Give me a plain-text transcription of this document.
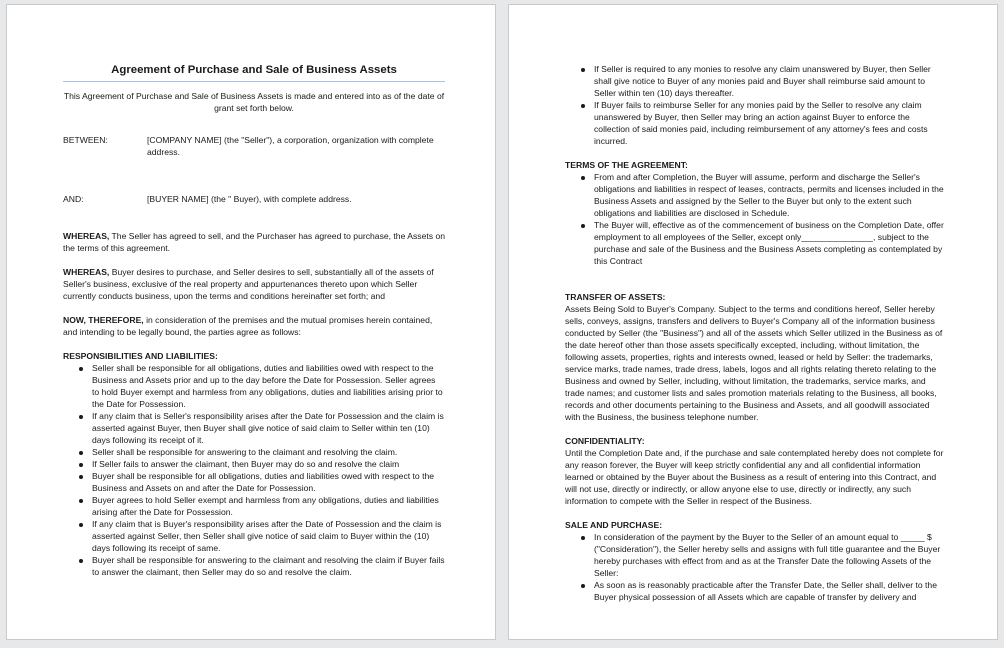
Agreement of Purchase and Sale of Business Assets

This Agreement of Purchase and Sale of Business Assets is made and entered into as of the date of grant set forth below.

BETWEEN:	[COMPANY NAME] (the "Seller"), a corporation, organization with complete address.
AND:	[BUYER NAME] (the " Buyer), with complete address.

WHEREAS, The Seller has agreed to sell, and the Purchaser has agreed to purchase, the Assets on the terms of this agreement.

WHEREAS, Buyer desires to purchase, and Seller desires to sell, substantially all of the assets of Seller's business, exclusive of the real property and appurtenances thereto upon which Seller currently conducts business, upon the terms and conditions hereinafter set forth; and

NOW, THEREFORE, in consideration of the premises and the mutual promises herein contained, and intending to be legally bound, the parties agree as follows:

RESPONSIBILITIES AND LIABILITIES:

Seller shall be responsible for all obligations, duties and liabilities owed with respect to the Business and Assets prior and up to the day before the Date for Possession. Seller agrees to hold Buyer exempt and harmless from any obligations, duties and liabilities arising prior to the Date for Possession.
If any claim that is Seller's responsibility arises after the Date for Possession and the claim is asserted against Buyer, then Buyer shall give notice of said claim to Seller within ten (10) days following its receipt of it.
Seller shall be responsible for answering to the claimant and resolving the claim.
If Seller fails to answer the claimant, then Buyer may do so and resolve the claim
Buyer shall be responsible for all obligations, duties and liabilities owed with respect to the Business and Assets on and after the Date for Possession.
Buyer agrees to hold Seller exempt and harmless from any obligations, duties and liabilities arising after the Date for Possession.
If any claim that is Buyer's responsibility arises after the Date of Possession and the claim is asserted against Seller, then Seller shall give notice of said claim to Buyer within the (10) days following its receipt of same.
Buyer shall be responsible for answering to the claimant and resolving the claim if Buyer fails to answer the claimant, then Seller may do so and resolve the claim.
If Seller is required to any monies to resolve any claim unanswered by Buyer, then Seller shall give notice to Buyer of any monies paid and Buyer shall reimburse said amount to Seller within ten (10) days thereafter.
If Buyer fails to reimburse Seller for any monies paid by the Seller to resolve any claim unanswered by Buyer, then Seller may bring an action against Buyer to enforce the collection of said monies paid, including reimbursement of any attorney's fees and costs incurred.

TERMS OF THE AGREEMENT:

From and after Completion, the Buyer will assume, perform and discharge the Seller's obligations and liabilities in respect of leases, contracts, permits and licenses included in the Business Assets and assigned by the Seller to the Buyer but only to the extent such obligations and liabilities are disclosed in Schedule.
The Buyer will, effective as of the commencement of business on the Completion Date, offer employment to all employees of the Seller, except only_______________, subject to the purchase and sale of the Business and the Business Assets completing as contemplated by this Contract

TRANSFER OF ASSETS:

Assets Being Sold to Buyer's Company. Subject to the terms and conditions hereof, Seller hereby sells, conveys, assigns, transfers and delivers to Buyer's Company all of the information business conducted by Seller (the "Business") and all of the assets which Seller utilized in the Business as of the date hereof other than those assets specifically excepted, including, without limitation, the following assets, properties, rights and interests owned, leased or held by Seller: the trademarks, service marks, trade names, trade dress, labels, logos and all rights relating thereto relating to the Business and owned by Seller, including, without limitation, the trademarks, service marks, and trade names; and customer lists and sales promotion materials relating to the Business, all books, records and other documents pertaining to the Business and Assets, and all goodwill associated with the Business, the business telephone number.

CONFIDENTIALITY:

Until the Completion Date and, if the purchase and sale contemplated hereby does not complete for any reason forever, the Buyer will keep strictly confidential any and all confidential information learned or obtained by the Buyer about the Business as a result of entering into this Contract, and will not use, directly or indirectly, or allow anyone else to use, directly or indirectly, any such information to compete with the Seller in respect of the Business.

SALE AND PURCHASE:

In consideration of the payment by the Buyer to the Seller of an amount equal to _____ $ ("Consideration"), the Seller hereby sells and assigns with full title guarantee and the Buyer hereby purchases with effect from and as at the Transfer Date the following Assets of the Seller:
As soon as is reasonably practicable after the Transfer Date, the Seller shall, deliver to the Buyer physical possession of all Assets which are capable of transfer by delivery and
